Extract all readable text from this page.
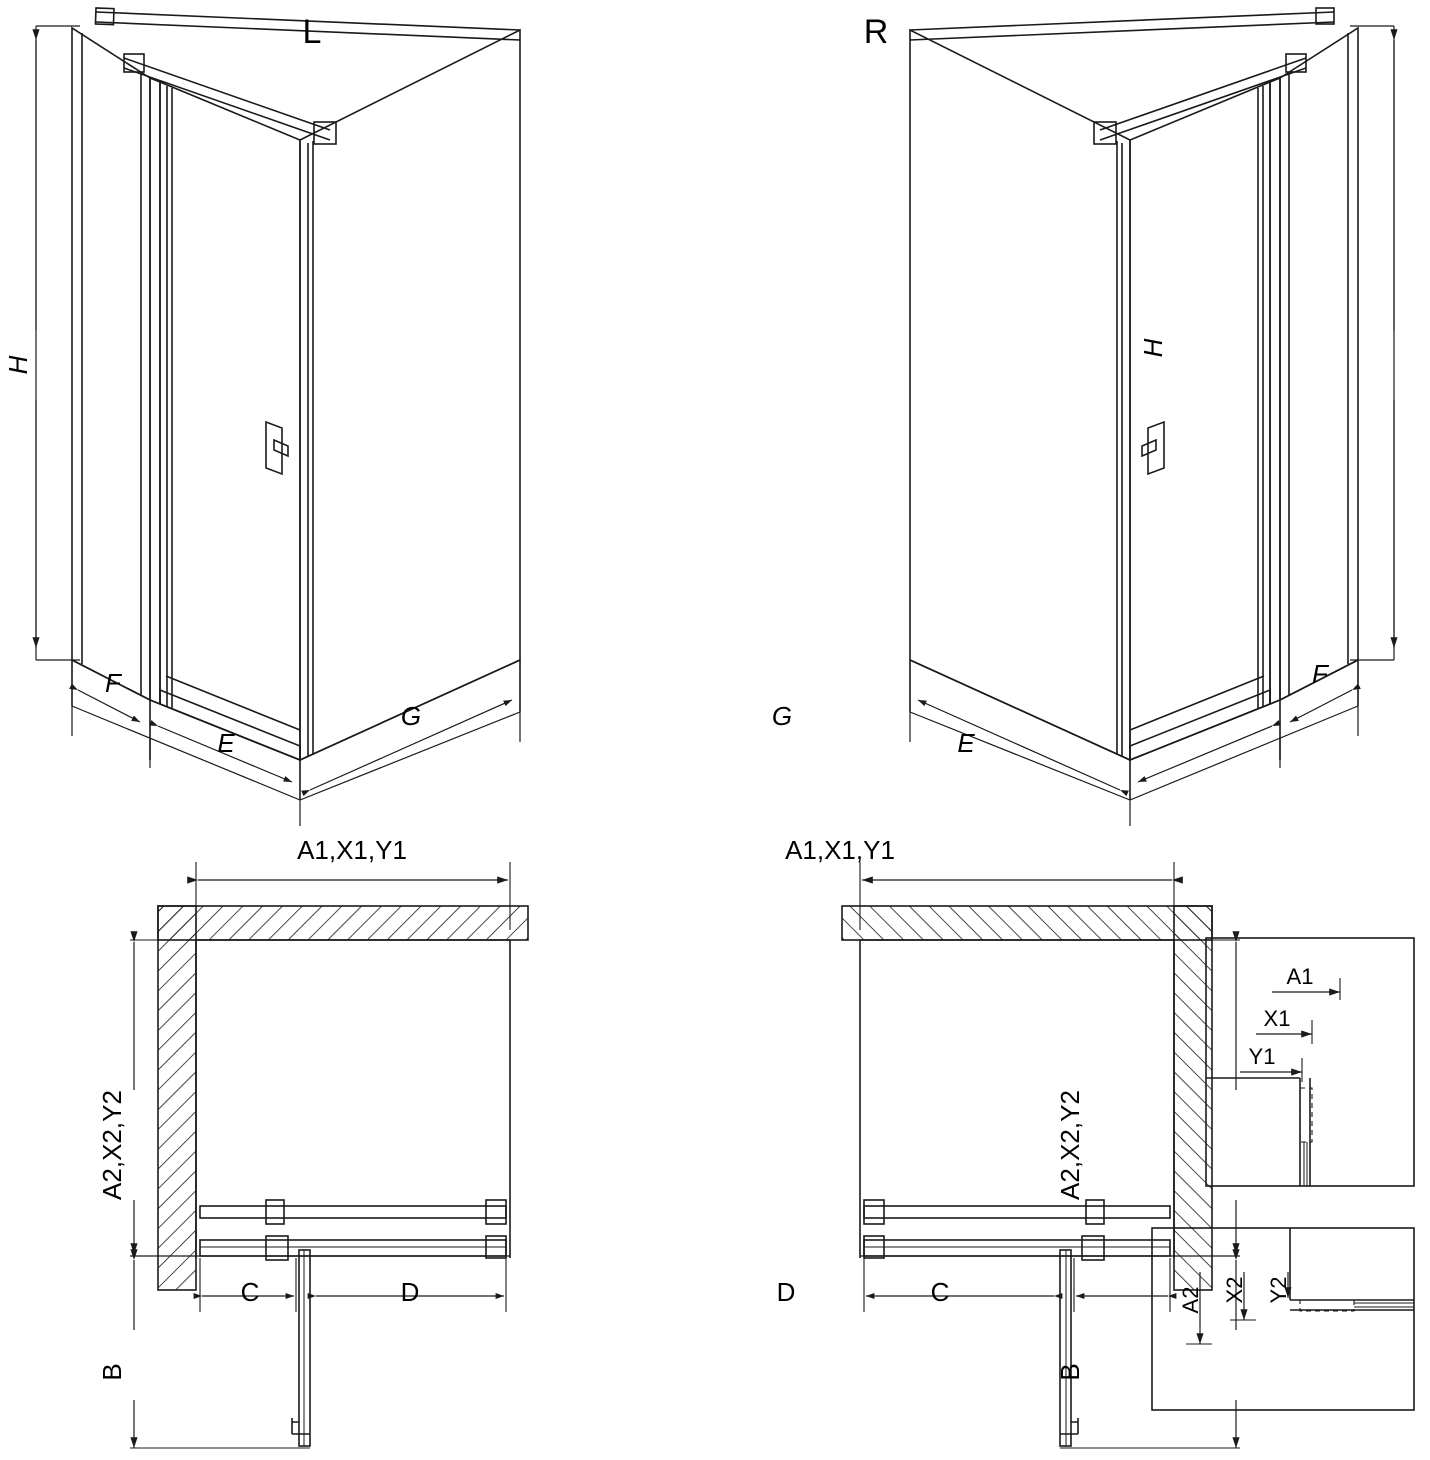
L	R
H
F
E
G
H
F
E
G
A1,X1,Y1
A2,X2,Y2
C	D
B
A1,X1,Y1
A2,X2,Y2
D	C
B
A1
X1
Y1
A2 X2 Y2
